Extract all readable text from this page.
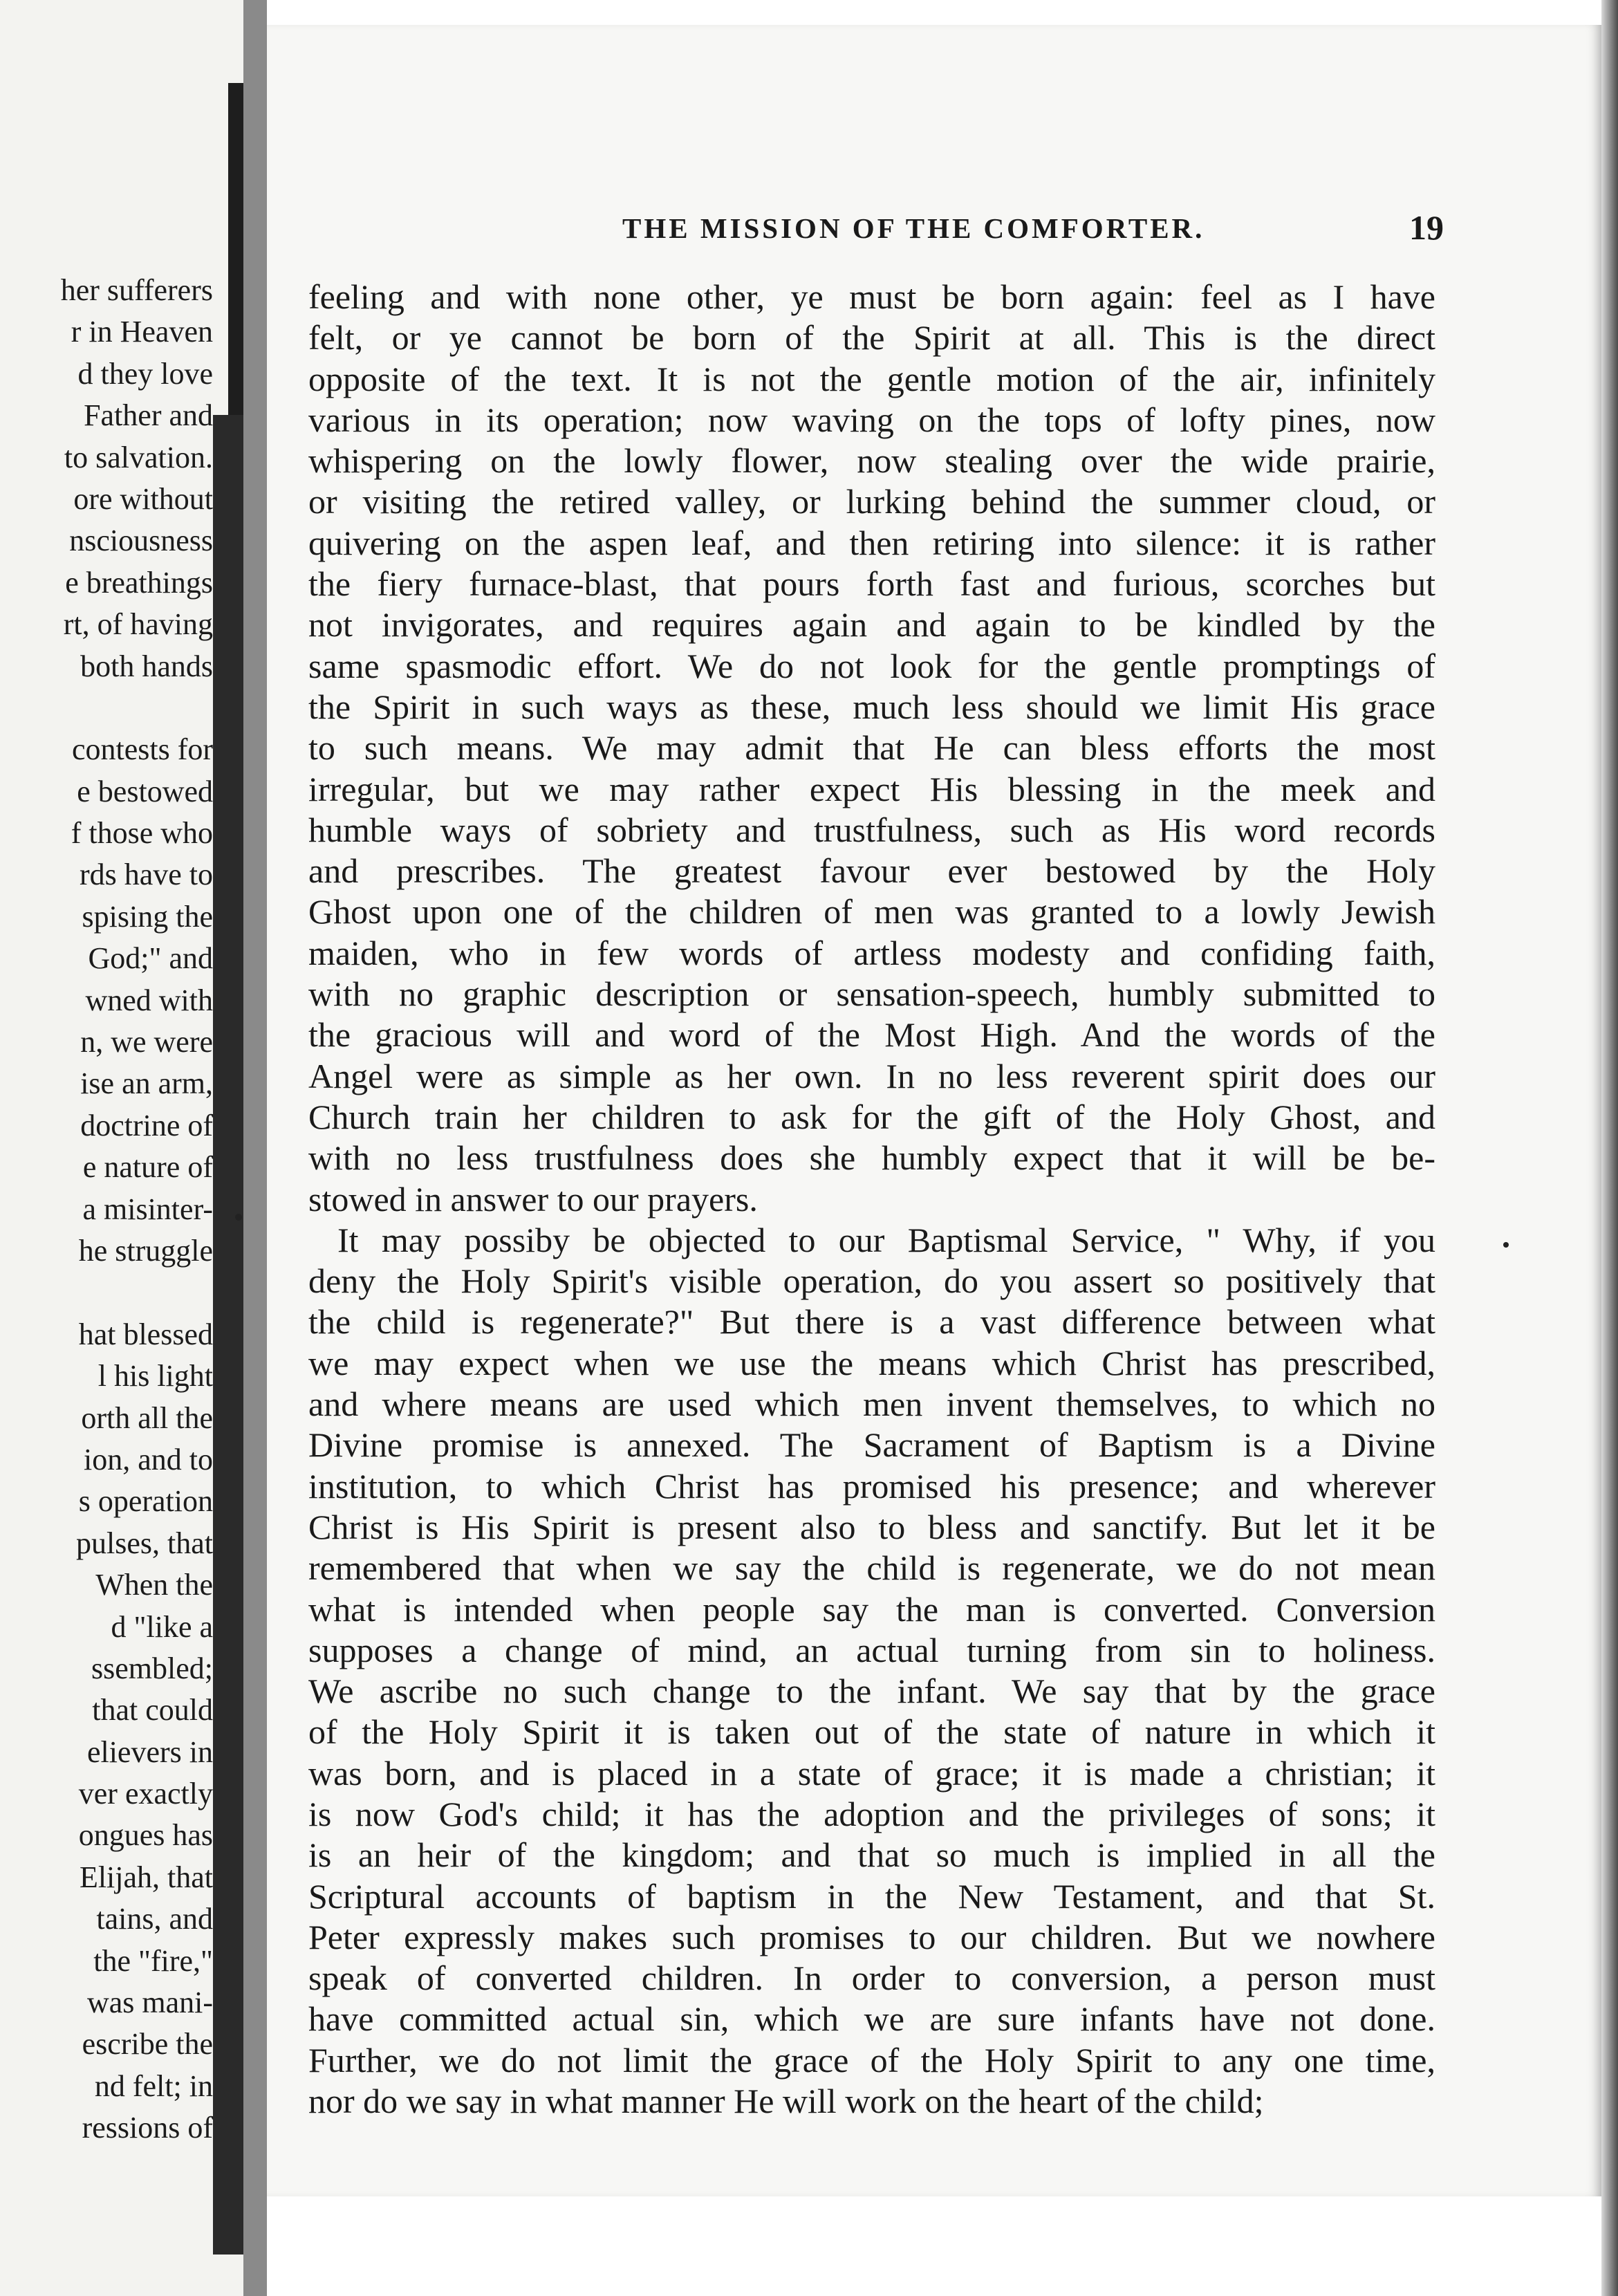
her sufferers
r in Heaven
d they love
Father and
to salvation.
ore without
nsciousness
e breathings
rt, of having
both hands
contests for
e bestowed
f those who
rds have to
spising the
God;" and
wned with
n, we were
ise an arm,
doctrine of
e nature of
a misinter-
he struggle
hat blessed
l his light
orth all the
ion, and to
s operation
pulses, that
When the
d "like a
ssembled;
that could
elievers in
ver exactly
ongues has
Elijah, that
tains, and
the "fire,"
was mani-
escribe the
nd felt; in
ressions of
THE MISSION OF THE COMFORTER.	19
feeling and with none other, ye must be born again: feel as I have
felt, or ye cannot be born of the Spirit at all. This is the direct
opposite of the text. It is not the gentle motion of the air, infinitely
various in its operation; now waving on the tops of lofty pines, now
whispering on the lowly flower, now stealing over the wide prairie,
or visiting the retired valley, or lurking behind the summer cloud, or
quivering on the aspen leaf, and then retiring into silence: it is rather
the fiery furnace-blast, that pours forth fast and furious, scorches but
not invigorates, and requires again and again to be kindled by the
same spasmodic effort. We do not look for the gentle promptings of
the Spirit in such ways as these, much less should we limit His grace
to such means. We may admit that He can bless efforts the most
irregular, but we may rather expect His blessing in the meek and
humble ways of sobriety and trustfulness, such as His word records
and prescribes. The greatest favour ever bestowed by the Holy
Ghost upon one of the children of men was granted to a lowly Jewish
maiden, who in few words of artless modesty and confiding faith,
with no graphic description or sensation-speech, humbly submitted to
the gracious will and word of the Most High. And the words of the
Angel were as simple as her own. In no less reverent spirit does our
Church train her children to ask for the gift of the Holy Ghost, and
with no less trustfulness does she humbly expect that it will be be-
stowed in answer to our prayers.
It may possiby be objected to our Baptismal Service, " Why, if you
deny the Holy Spirit's visible operation, do you assert so positively that
the child is regenerate?" But there is a vast difference between what
we may expect when we use the means which Christ has prescribed,
and where means are used which men invent themselves, to which no
Divine promise is annexed. The Sacrament of Baptism is a Divine
institution, to which Christ has promised his presence; and wherever
Christ is His Spirit is present also to bless and sanctify. But let it be
remembered that when we say the child is regenerate, we do not mean
what is intended when people say the man is converted. Conversion
supposes a change of mind, an actual turning from sin to holiness.
We ascribe no such change to the infant. We say that by the grace
of the Holy Spirit it is taken out of the state of nature in which it
was born, and is placed in a state of grace; it is made a christian; it
is now God's child; it has the adoption and the privileges of sons; it
is an heir of the kingdom; and that so much is implied in all the
Scriptural accounts of baptism in the New Testament, and that St.
Peter expressly makes such promises to our children. But we nowhere
speak of converted children. In order to conversion, a person must
have committed actual sin, which we are sure infants have not done.
Further, we do not limit the grace of the Holy Spirit to any one time,
nor do we say in what manner He will work on the heart of the child;
